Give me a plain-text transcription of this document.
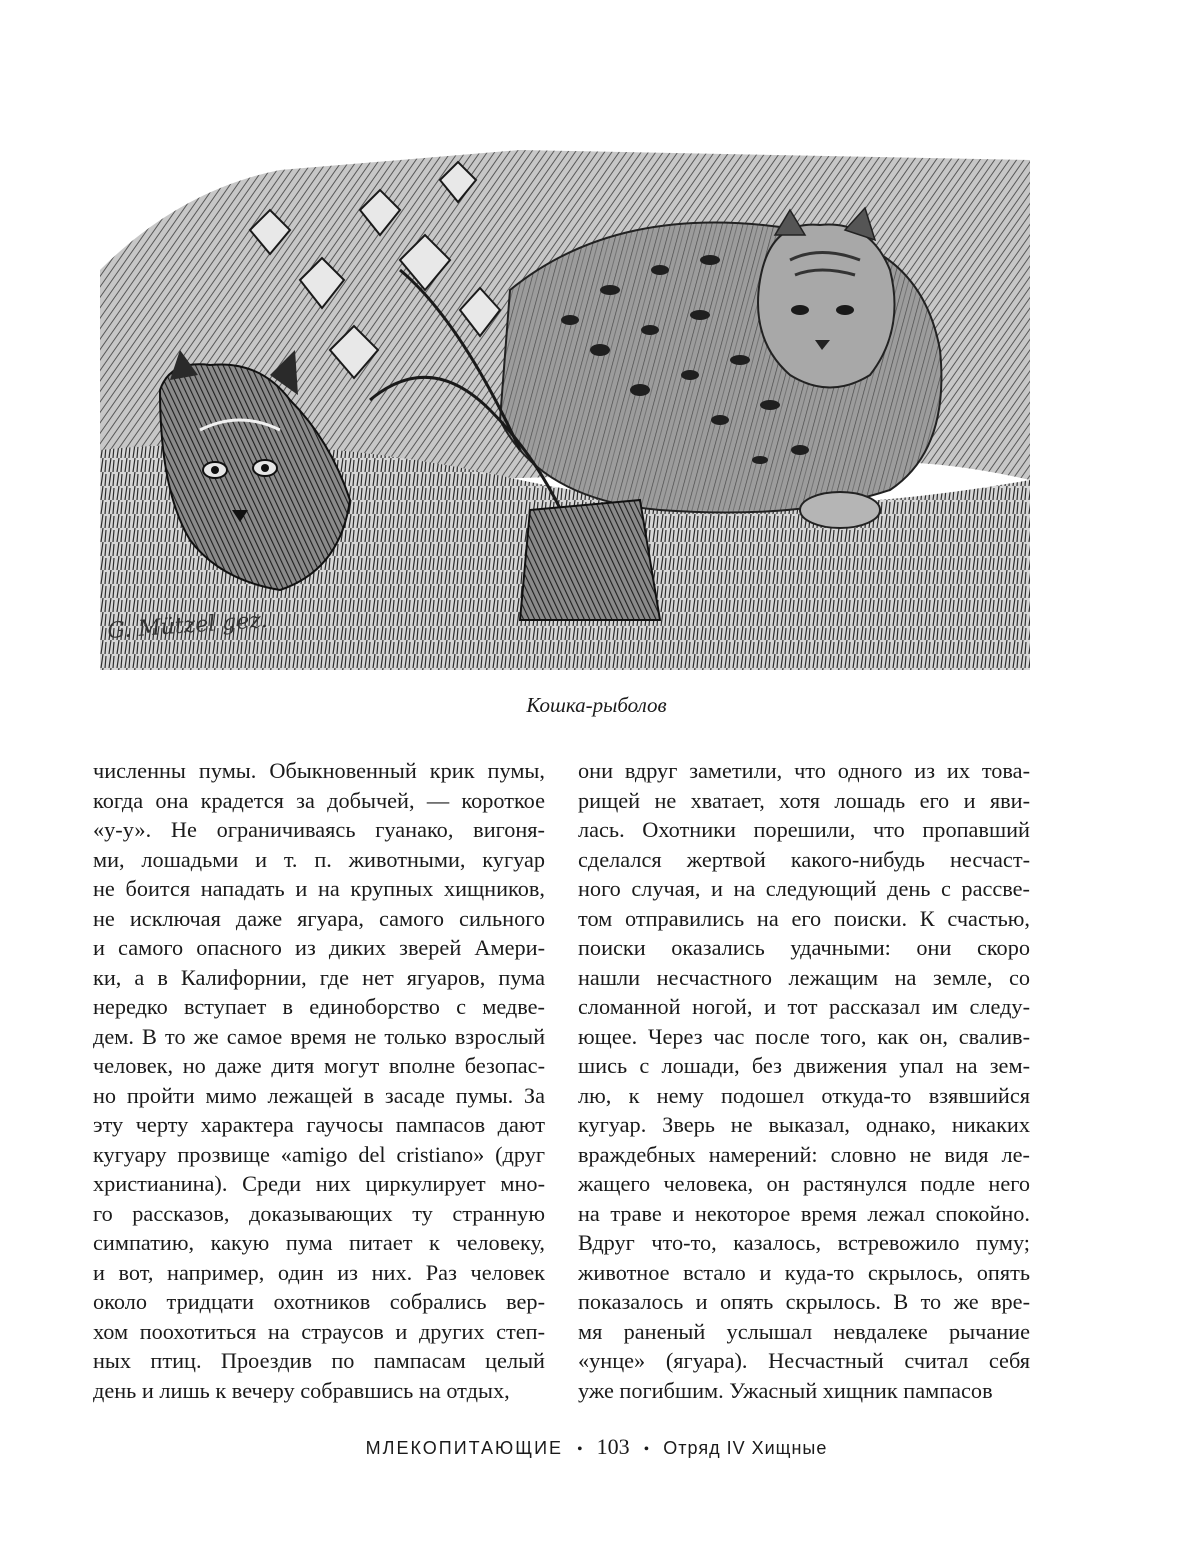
G. Mützel gez.
Кошка-рыболов
численны пумы. Обыкновенный крик пумы,
когда она крадется за добычей, — короткое
«у-у». Не ограничиваясь гуанако, вигоня-
ми, лошадьми и т. п. животными, кугуар
не боится нападать и на крупных хищников,
не исключая даже ягуара, самого сильного
и самого опасного из диких зверей Амери-
ки, а в Калифорнии, где нет ягуаров, пума
нередко вступает в единоборство с медве-
дем. В то же самое время не только взрослый
человек, но даже дитя могут вполне безопас-
но пройти мимо лежащей в засаде пумы. За
эту черту характера гаучосы пампасов дают
кугуару прозвище «amigo del cristiano» (друг
христианина). Среди них циркулирует мно-
го рассказов, доказывающих ту странную
симпатию, какую пума питает к человеку,
и вот, например, один из них. Раз человек
около тридцати охотников собрались вер-
хом поохотиться на страусов и других степ-
ных птиц. Проездив по пампасам целый
день и лишь к вечеру собравшись на отдых,
они вдруг заметили, что одного из их това-
рищей не хватает, хотя лошадь его и яви-
лась. Охотники порешили, что пропавший
сделался жертвой какого-нибудь несчаст-
ного случая, и на следующий день с рассве-
том отправились на его поиски. К счастью,
поиски оказались удачными: они скоро
нашли несчастного лежащим на земле, со
сломанной ногой, и тот рассказал им следу-
ющее. Через час после того, как он, свалив-
шись с лошади, без движения упал на зем-
лю, к нему подошел откуда-то взявшийся
кугуар. Зверь не выказал, однако, никаких
враждебных намерений: словно не видя ле-
жащего человека, он растянулся подле него
на траве и некоторое время лежал спокойно.
Вдруг что-то, казалось, встревожило пуму;
животное встало и куда-то скрылось, опять
показалось и опять скрылось. В то же вре-
мя раненый услышал невдалеке рычание
«унце» (ягуара). Несчастный считал себя
уже погибшим. Ужасный хищник пампасов
МЛЕКОПИТАЮЩИЕ • 103 • Отряд IV Хищные
